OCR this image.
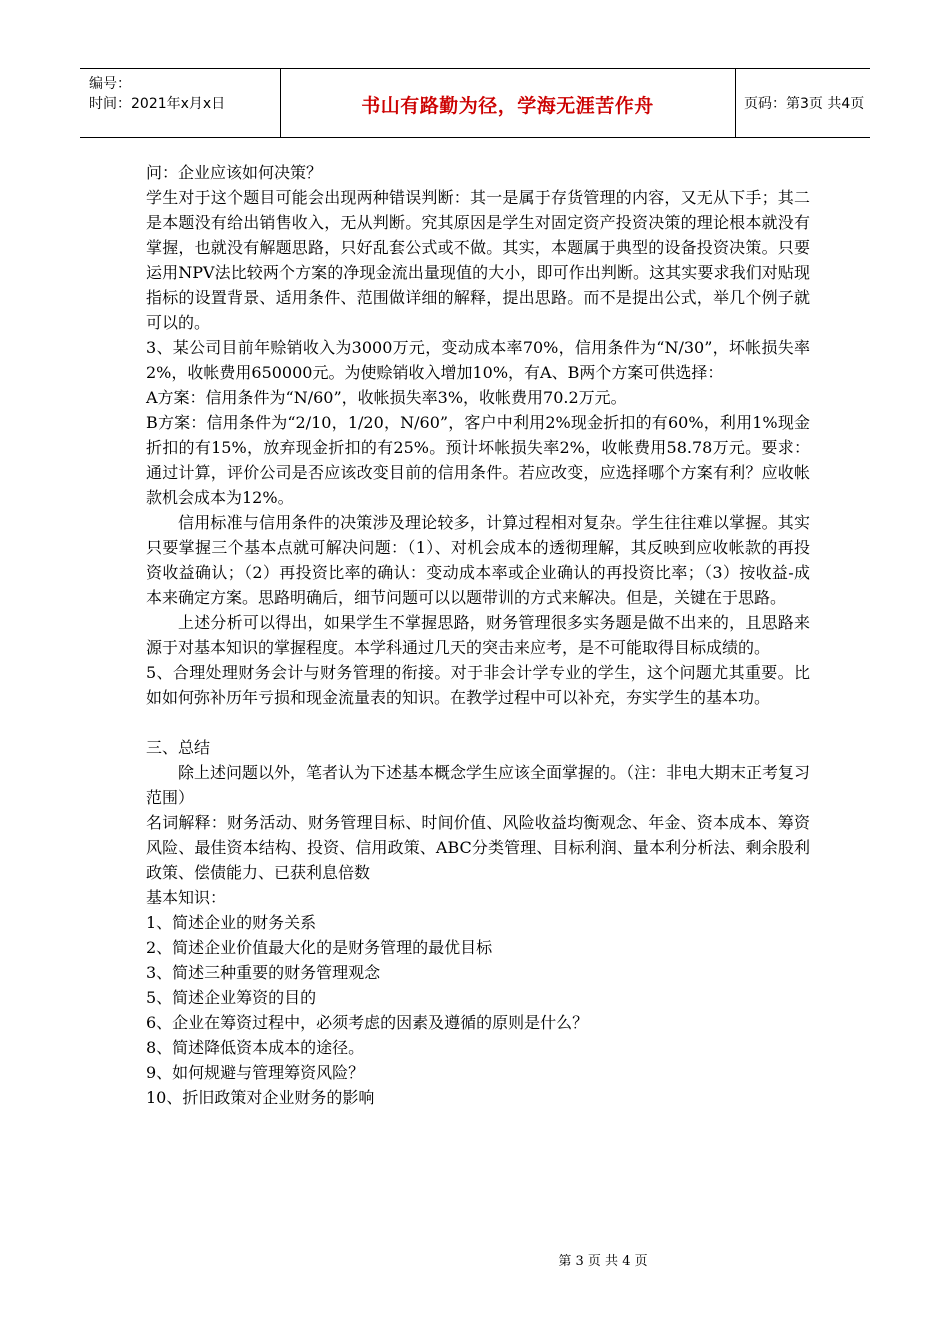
编号：
时间：2021年x月x日	书山有路勤为径，学海无涯苦作舟	页码：第3页 共4页

问：企业应该如何决策？

学生对于这个题目可能会出现两种错误判断：其一是属于存货管理的内容，又无从下手；其二是本题没有给出销售收入，无从判断。究其原因是学生对固定资产投资决策的理论根本就没有掌握，也就没有解题思路，只好乱套公式或不做。其实，本题属于典型的设备投资决策。只要运用NPV法比较两个方案的净现金流出量现值的大小，即可作出判断。这其实要求我们对贴现指标的设置背景、适用条件、范围做详细的解释，提出思路。而不是提出公式，举几个例子就可以的。

3、某公司目前年赊销收入为3000万元，变动成本率70%，信用条件为“N/30”，坏帐损失率2%，收帐费用650000元。为使赊销收入增加10%，有A、B两个方案可供选择：

A方案：信用条件为“N/60”，收帐损失率3%，收帐费用70.2万元。

B方案：信用条件为“2/10，1/20，N/60”，客户中利用2%现金折扣的有60%，利用1%现金折扣的有15%，放弃现金折扣的有25%。预计坏帐损失率2%，收帐费用58.78万元。要求：通过计算，评价公司是否应该改变目前的信用条件。若应改变，应选择哪个方案有利？应收帐款机会成本为12%。

信用标准与信用条件的决策涉及理论较多，计算过程相对复杂。学生往往难以掌握。其实只要掌握三个基本点就可解决问题：（1）、对机会成本的透彻理解，其反映到应收帐款的再投资收益确认；（2）再投资比率的确认：变动成本率或企业确认的再投资比率；（3）按收益-成本来确定方案。思路明确后，细节问题可以以题带训的方式来解决。但是，关键在于思路。

上述分析可以得出，如果学生不掌握思路，财务管理很多实务题是做不出来的，且思路来源于对基本知识的掌握程度。本学科通过几天的突击来应考，是不可能取得目标成绩的。

5、合理处理财务会计与财务管理的衔接。对于非会计学专业的学生，这个问题尤其重要。比如如何弥补历年亏损和现金流量表的知识。在教学过程中可以补充，夯实学生的基本功。

三、总结

除上述问题以外，笔者认为下述基本概念学生应该全面掌握的。（注：非电大期末正考复习范围）

名词解释：财务活动、财务管理目标、时间价值、风险收益均衡观念、年金、资本成本、筹资风险、最佳资本结构、投资、信用政策、ABC分类管理、目标利润、量本利分析法、剩余股利政策、偿债能力、已获利息倍数

基本知识：

1、简述企业的财务关系

2、简述企业价值最大化的是财务管理的最优目标

3、简述三种重要的财务管理观念

5、简述企业筹资的目的

6、企业在筹资过程中，必须考虑的因素及遵循的原则是什么？

8、简述降低资本成本的途径。

9、如何规避与管理筹资风险？

10、折旧政策对企业财务的影响

第 3 页 共 4 页
